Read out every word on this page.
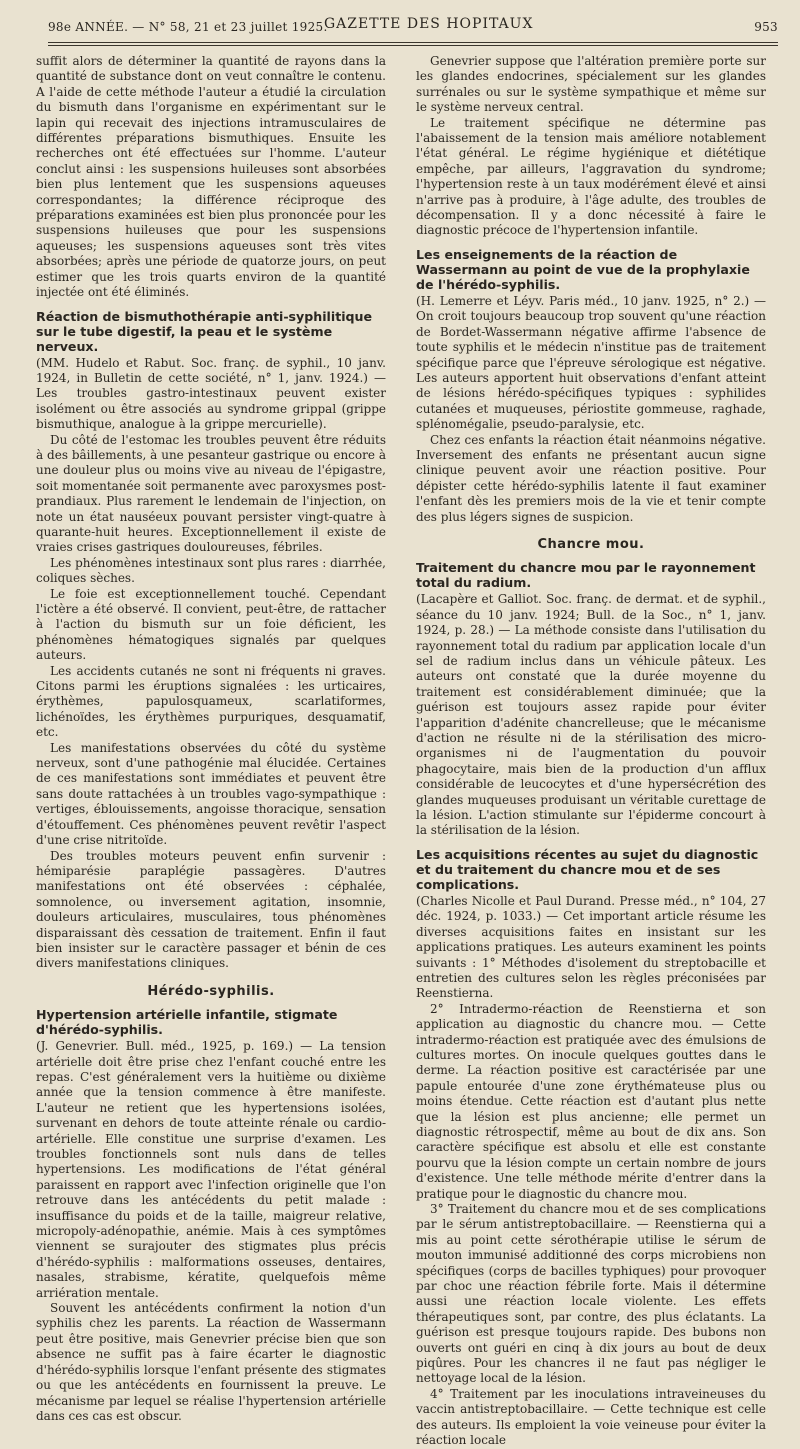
98e ANNÉE. — N° 58, 21 et 23 juillet 1925.
GAZETTE DES HOPITAUX	953

suffit alors de déterminer la quantité de rayons dans la quantité de substance dont on veut connaître le contenu. A l'aide de cette méthode l'auteur a étudié la circulation du bismuth dans l'organisme en expérimentant sur le lapin qui recevait des injections intramusculaires de différentes préparations bismuthiques. Ensuite les recherches ont été effectuées sur l'homme. L'auteur conclut ainsi : les suspensions huileuses sont absorbées bien plus lentement que les suspensions aqueuses correspondantes; la différence réciproque des préparations examinées est bien plus prononcée pour les suspensions huileuses que pour les suspensions aqueuses; les suspensions aqueuses sont très vites absorbées; après une période de quatorze jours, on peut estimer que les trois quarts environ de la quantité injectée ont été éliminés.

Réaction de bismuthothérapie anti-syphilitique sur le tube digestif, la peau et le système nerveux.

(MM. Hudelo et Rabut. Soc. franç. de syphil., 10 janv. 1924, in Bulletin de cette société, n° 1, janv. 1924.) — Les troubles gastro-intestinaux peuvent exister isolément ou être associés au syndrome grippal (grippe bismuthique, analogue à la grippe mercurielle).

Du côté de l'estomac les troubles peuvent être réduits à des bâillements, à une pesanteur gastrique ou encore à une douleur plus ou moins vive au niveau de l'épigastre, soit momentanée soit permanente avec paroxysmes post-prandiaux. Plus rarement le lendemain de l'injection, on note un état nauséeux pouvant persister vingt-quatre à quarante-huit heures. Exceptionnellement il existe de vraies crises gastriques douloureuses, fébriles.

Les phénomènes intestinaux sont plus rares : diarrhée, coliques sèches.

Le foie est exceptionnellement touché. Cependant l'ictère a été observé. Il convient, peut-être, de rattacher à l'action du bismuth sur un foie déficient, les phénomènes hématogiques signalés par quelques auteurs.

Les accidents cutanés ne sont ni fréquents ni graves. Citons parmi les éruptions signalées : les urticaires, érythèmes, papulosquameux, scarlatiformes, lichénoïdes, les érythèmes purpuriques, desquamatif, etc.

Les manifestations observées du côté du système nerveux, sont d'une pathogénie mal élucidée. Certaines de ces manifestations sont immédiates et peuvent être sans doute rattachées à un troubles vago-sympathique : vertiges, éblouissements, angoisse thoracique, sensation d'étouffement. Ces phénomènes peuvent revêtir l'aspect d'une crise nitritoïde.

Des troubles moteurs peuvent enfin survenir : hémiparésie paraplégie passagères. D'autres manifestations ont été observées : céphalée, somnolence, ou inversement agitation, insomnie, douleurs articulaires, musculaires, tous phénomènes disparaissant dès cessation de traitement. Enfin il faut bien insister sur le caractère passager et bénin de ces divers manifestations cliniques.

Hérédo-syphilis.
Hypertension artérielle infantile, stigmate d'hérédo-syphilis.

(J. Genevrier. Bull. méd., 1925, p. 169.) — La tension artérielle doit être prise chez l'enfant couché entre les repas. C'est généralement vers la huitième ou dixième année que la tension commence à être manifeste. L'auteur ne retient que les hypertensions isolées, survenant en dehors de toute atteinte rénale ou cardio-artérielle. Elle constitue une surprise d'examen. Les troubles fonctionnels sont nuls dans de telles hypertensions. Les modifications de l'état général paraissent en rapport avec l'infection originelle que l'on retrouve dans les antécédents du petit malade : insuffisance du poids et de la taille, maigreur relative, micropoly-adénopathie, anémie. Mais à ces symptômes viennent se surajouter des stigmates plus précis d'hérédo-syphilis : malformations osseuses, dentaires, nasales, strabisme, kératite, quelquefois même arriération mentale.

Souvent les antécédents confirment la notion d'un syphilis chez les parents. La réaction de Wassermann peut être positive, mais Genevrier précise bien que son absence ne suffit pas à faire écarter le diagnostic d'hérédo-syphilis lorsque l'enfant présente des stigmates ou que les antécédents en fournissent la preuve. Le mécanisme par lequel se réalise l'hypertension artérielle dans ces cas est obscur.

Genevrier suppose que l'altération première porte sur les glandes endocrines, spécialement sur les glandes surrénales ou sur le système sympathique et même sur le système nerveux central.

Le traitement spécifique ne détermine pas l'abaissement de la tension mais améliore notablement l'état général. Le régime hygiénique et diététique empêche, par ailleurs, l'aggravation du syndrome; l'hypertension reste à un taux modérément élevé et ainsi n'arrive pas à produire, à l'âge adulte, des troubles de décompensation. Il y a donc nécessité à faire le diagnostic précoce de l'hypertension infantile.

Les enseignements de la réaction de Wassermann au point de vue de la prophylaxie de l'hérédo-syphilis.

(H. Lemerre et Léyv. Paris méd., 10 janv. 1925, n° 2.) — On croit toujours beaucoup trop souvent qu'une réaction de Bordet-Wassermann négative affirme l'absence de toute syphilis et le médecin n'institue pas de traitement spécifique parce que l'épreuve sérologique est négative. Les auteurs apportent huit observations d'enfant atteint de lésions hérédo-spécifiques typiques : syphilides cutanées et muqueuses, périostite gommeuse, raghade, splénomégalie, pseudo-paralysie, etc.

Chez ces enfants la réaction était néanmoins négative. Inversement des enfants ne présentant aucun signe clinique peuvent avoir une réaction positive. Pour dépister cette hérédo-syphilis latente il faut examiner l'enfant dès les premiers mois de la vie et tenir compte des plus légers signes de suspicion.

Chancre mou.
Traitement du chancre mou par le rayonnement total du radium.

(Lacapère et Galliot. Soc. franç. de dermat. et de syphil., séance du 10 janv. 1924; Bull. de la Soc., n° 1, janv. 1924, p. 28.) — La méthode consiste dans l'utilisation du rayonnement total du radium par application locale d'un sel de radium inclus dans un véhicule pâteux. Les auteurs ont constaté que la durée moyenne du traitement est considérablement diminuée; que la guérison est toujours assez rapide pour éviter l'apparition d'adénite chancrelleuse; que le mécanisme d'action ne résulte ni de la stérilisation des micro-organismes ni de l'augmentation du pouvoir phagocytaire, mais bien de la production d'un afflux considérable de leucocytes et d'une hypersécrétion des glandes muqueuses produisant un véritable curettage de la lésion. L'action stimulante sur l'épiderme concourt à la stérilisation de la lésion.

Les acquisitions récentes au sujet du diagnostic et du traitement du chancre mou et de ses complications.

(Charles Nicolle et Paul Durand. Presse méd., n° 104, 27 déc. 1924, p. 1033.) — Cet important article résume les diverses acquisitions faites en insistant sur les applications pratiques. Les auteurs examinent les points suivants : 1° Méthodes d'isolement du streptobacille et entretien des cultures selon les règles préconisées par Reenstierna.

2° Intradermo-réaction de Reenstierna et son application au diagnostic du chancre mou. — Cette intradermo-réaction est pratiquée avec des émulsions de cultures mortes. On inocule quelques gouttes dans le derme. La réaction positive est caractérisée par une papule entourée d'une zone érythémateuse plus ou moins étendue. Cette réaction est d'autant plus nette que la lésion est plus ancienne; elle permet un diagnostic rétrospectif, même au bout de dix ans. Son caractère spécifique est absolu et elle est constante pourvu que la lésion compte un certain nombre de jours d'existence. Une telle méthode mérite d'entrer dans la pratique pour le diagnostic du chancre mou.

3° Traitement du chancre mou et de ses complications par le sérum antistreptobacillaire. — Reenstierna qui a mis au point cette sérothérapie utilise le sérum de mouton immunisé additionné des corps microbiens non spécifiques (corps de bacilles typhiques) pour provoquer par choc une réaction fébrile forte. Mais il détermine aussi une réaction locale violente. Les effets thérapeutiques sont, par contre, des plus éclatants. La guérison est presque toujours rapide. Des bubons non ouverts ont guéri en cinq à dix jours au bout de deux piqûres. Pour les chancres il ne faut pas négliger le nettoyage local de la lésion.

4° Traitement par les inoculations intraveineuses du vaccin antistreptobacillaire. — Cette technique est celle des auteurs. Ils emploient la voie veineuse pour éviter la réaction locale
